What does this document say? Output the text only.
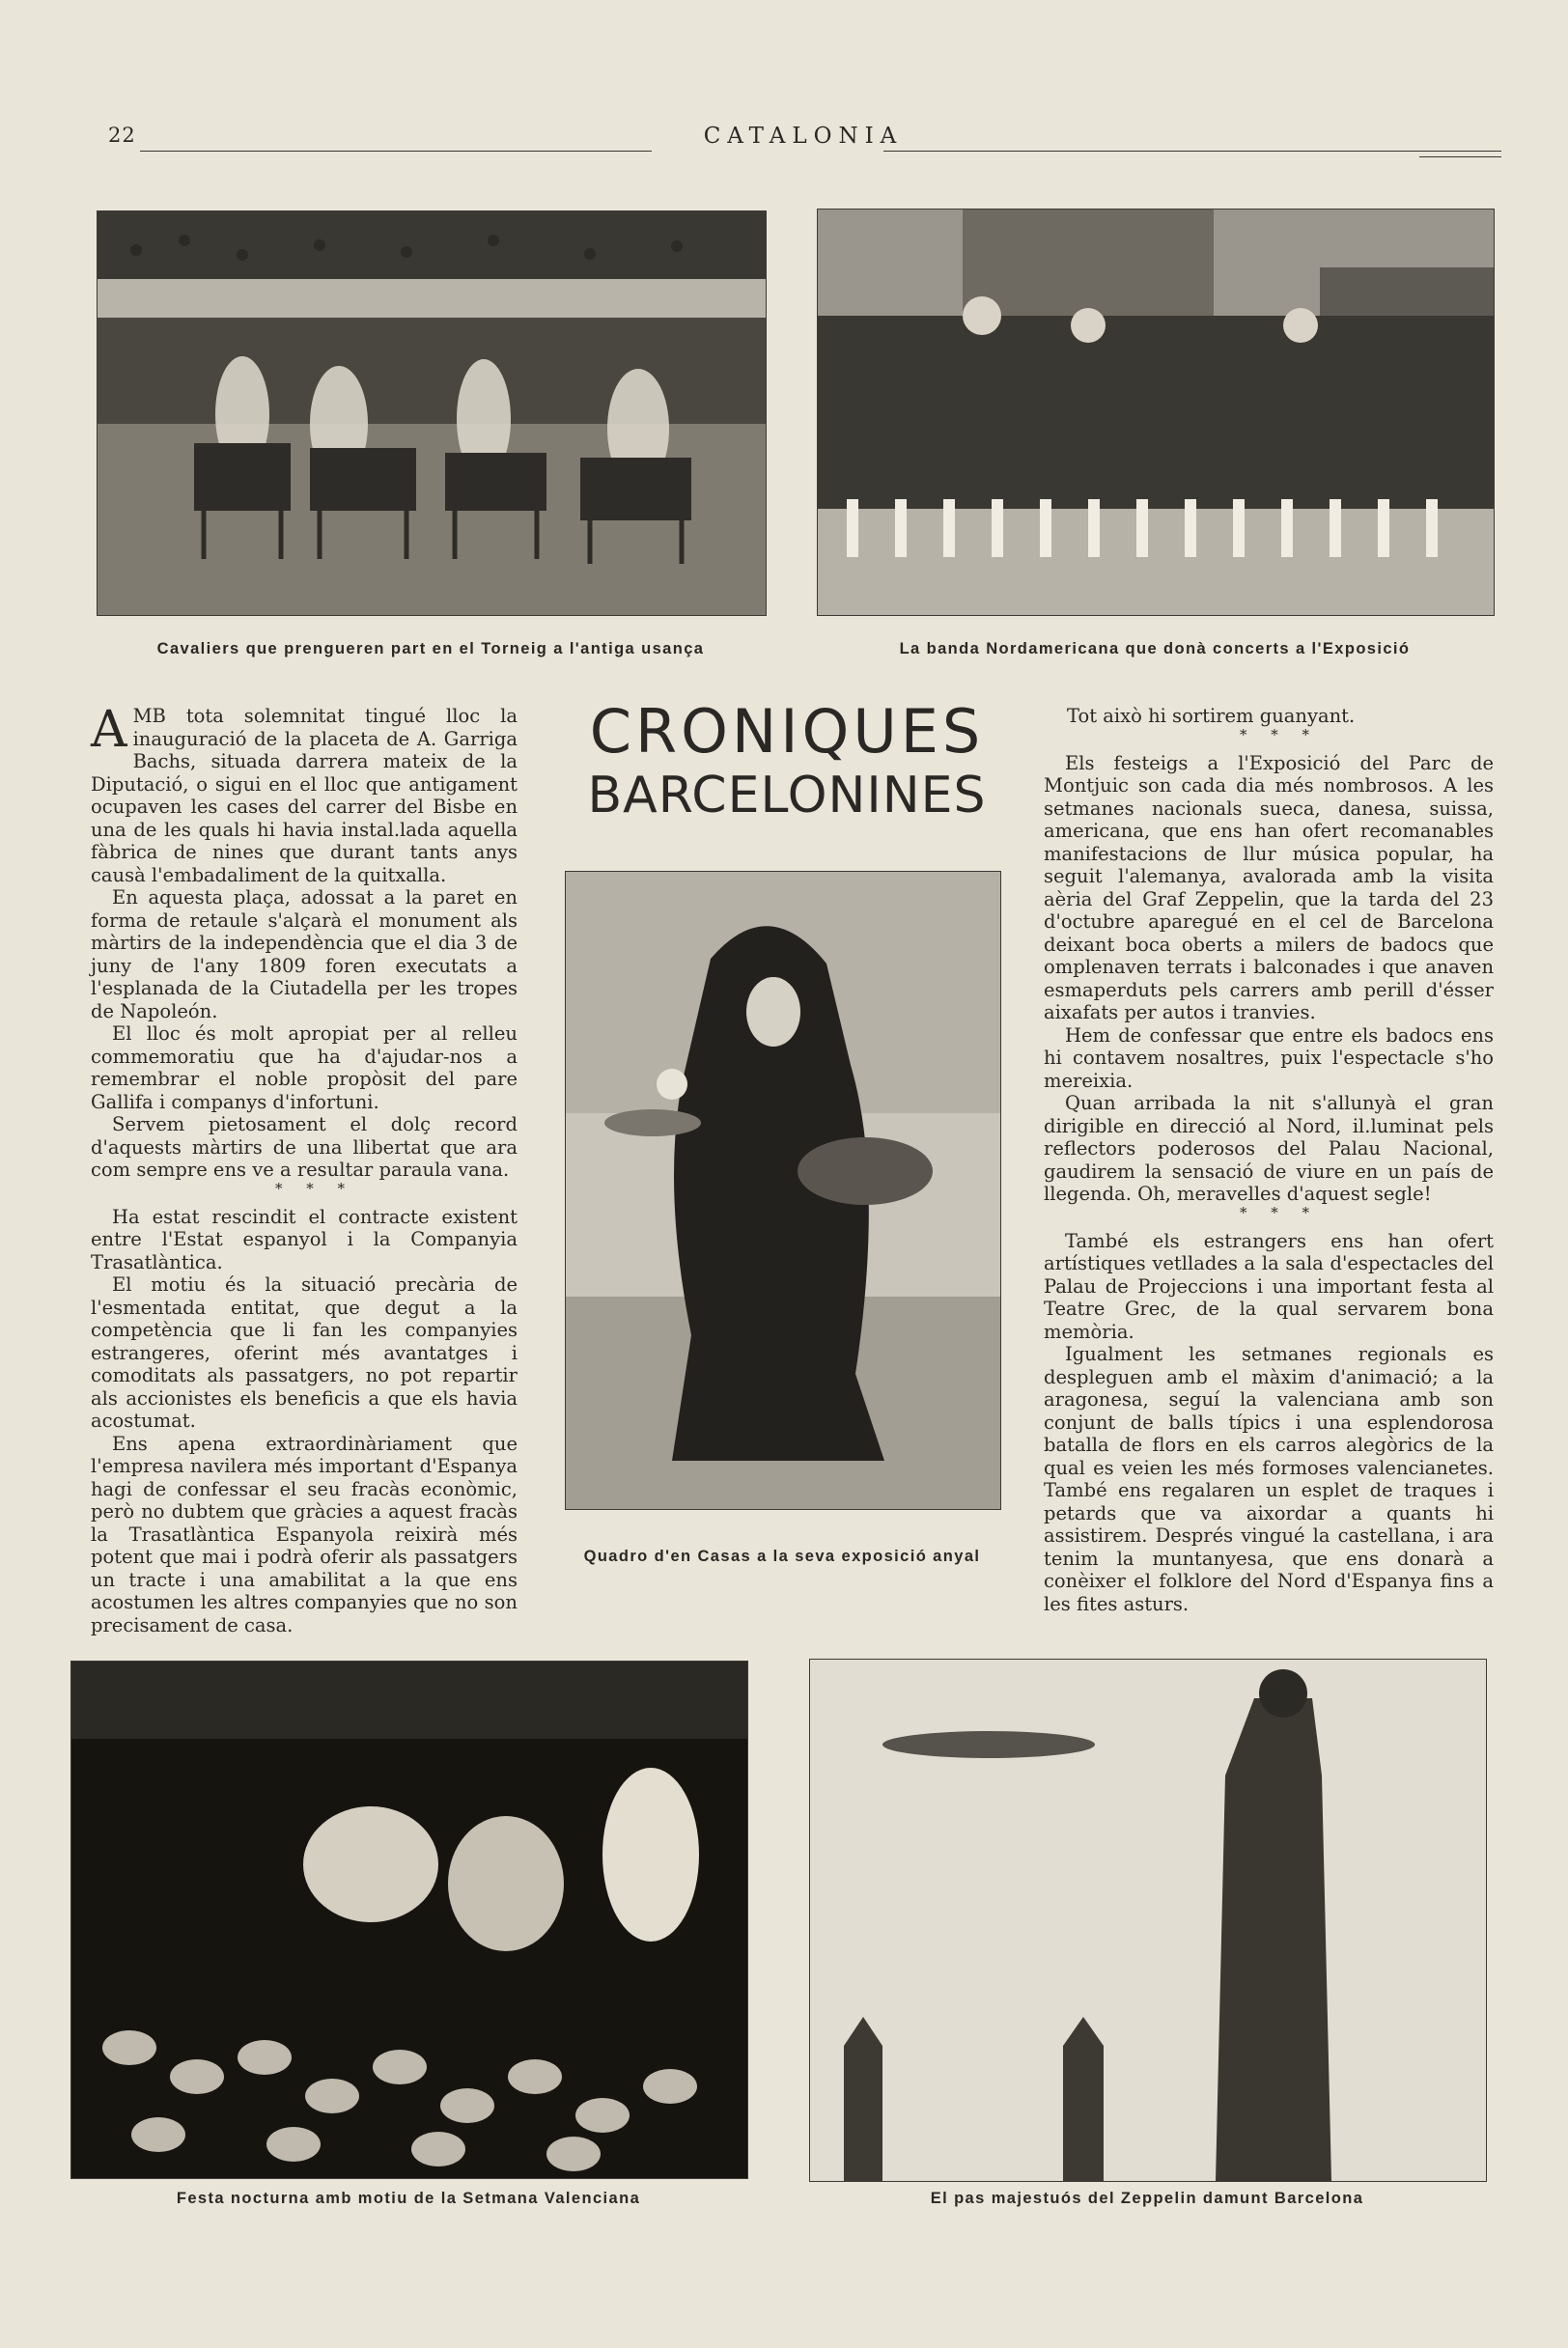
22	CATALONIA
Cavaliers que prengueren part en el Torneig a l'antiga usança	La banda Nordamericana que donà concerts a l'Exposició

AMB tota solemnitat tingué lloc la inauguració de la placeta de A. Garriga Bachs, situada darrera mateix de la Diputació, o sigui en el lloc que antigament ocupaven les cases del carrer del Bisbe en una de les quals hi havia instal.lada aquella fàbrica de nines que durant tants anys causà l'embadaliment de la quitxalla.

En aquesta plaça, adossat a la paret en forma de retaule s'alçarà el monument als màrtirs de la independència que el dia 3 de juny de l'any 1809 foren executats a l'esplanada de la Ciutadella per les tropes de Napoleón.

El lloc és molt apropiat per al relleu commemoratiu que ha d'ajudar-nos a remembrar el noble propòsit del pare Gallifa i companys d'infortuni.

Servem pietosament el dolç record d'aquests màrtirs de una llibertat que ara com sempre ens ve a resultar paraula vana.

* * *

Ha estat rescindit el contracte existent entre l'Estat espanyol i la Companyia Trasatlàntica.

El motiu és la situació precària de l'esmentada entitat, que degut a la competència que li fan les companyies estrangeres, oferint més avantatges i comoditats als passatgers, no pot repartir als accionistes els beneficis a que els havia acostumat.

Ens apena extraordinàriament que l'empresa navilera més important d'Espanya hagi de confessar el seu fracàs econòmic, però no dubtem que gràcies a aquest fracàs la Trasatlàntica Espanyola reixirà més potent que mai i podrà oferir als passatgers un tracte i una amabilitat a la que ens acostumen les altres companyies que no son precisament de casa.

CRONIQUES
BARCELONINES
Quadro d'en Casas a la seva exposició anyal

Tot això hi sortirem guanyant.

* * *

Els festeigs a l'Exposició del Parc de Montjuic son cada dia més nombrosos. A les setmanes nacionals sueca, danesa, suissa, americana, que ens han ofert recomanables manifestacions de llur música popular, ha seguit l'alemanya, avalorada amb la visita aèria del Graf Zeppelin, que la tarda del 23 d'octubre aparegué en el cel de Barcelona deixant boca oberts a milers de badocs que omplenaven terrats i balconades i que anaven esmaperduts pels carrers amb perill d'ésser aixafats per autos i tranvies.

Hem de confessar que entre els badocs ens hi contavem nosaltres, puix l'espectacle s'ho mereixia.

Quan arribada la nit s'allunyà el gran dirigible en direcció al Nord, il.luminat pels reflectors poderosos del Palau Nacional, gaudirem la sensació de viure en un país de llegenda. Oh, meravelles d'aquest segle!

* * *

També els estrangers ens han ofert artístiques vetllades a la sala d'espectacles del Palau de Projeccions i una important festa al Teatre Grec, de la qual servarem bona memòria.

Igualment les setmanes regionals es despleguen amb el màxim d'animació; a la aragonesa, seguí la valenciana amb son conjunt de balls típics i una esplendorosa batalla de flors en els carros alegòrics de la qual es veien les més formoses valencianetes. També ens regalaren un esplet de traques i petards que va aixordar a quants hi assistirem. Després vingué la castellana, i ara tenim la muntanyesa, que ens donarà a conèixer el folklore del Nord d'Espanya fins a les fites asturs.

Festa nocturna amb motiu de la Setmana Valenciana	El pas majestuós del Zeppelin damunt Barcelona
